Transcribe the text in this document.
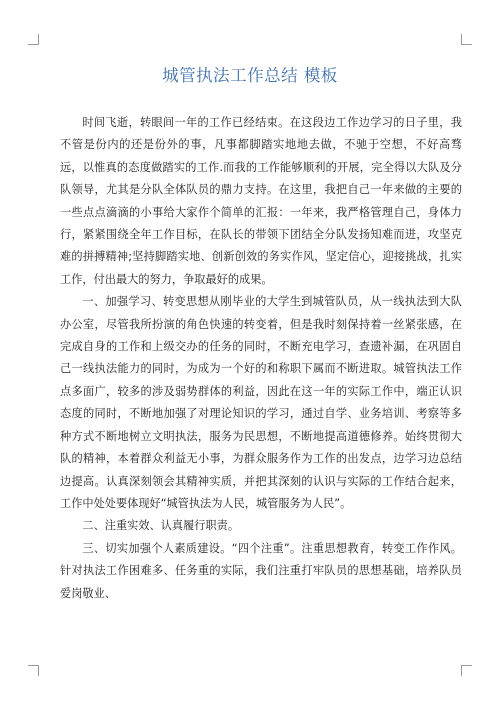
城管执法工作总结 模板

时间飞逝，转眼间一年的工作已经结束。在这段边工作边学习的日子里，我不管是份内的还是份外的事，凡事都脚踏实地地去做，不驰于空想，不好高骛远，以惟真的态度做踏实的工作.而我的工作能够顺利的开展，完全得以大队及分队领导，尤其是分队全体队员的鼎力支持。在这里，我把自己一年来做的主要的一些点点滴滴的小事给大家作个简单的汇报：一年来，我严格管理自己，身体力行，紧紧围绕全年工作目标，在队长的带领下团结全分队发扬知难而进，攻坚克难的拼搏精神;坚持脚踏实地、创新创效的务实作风，坚定信心，迎接挑战，扎实工作，付出最大的努力，争取最好的成果。

一、加强学习、转变思想从刚毕业的大学生到城管队员，从一线执法到大队办公室，尽管我所扮演的角色快速的转变着，但是我时刻保持着一丝紧张感，在完成自身的工作和上级交办的任务的同时，不断充电学习，查遗补漏，在巩固自己一线执法能力的同时，为成为一个好的和称职下属而不断进取。城管执法工作点多面广，较多的涉及弱势群体的利益，因此在这一年的实际工作中，端正认识态度的同时，不断地加强了对理论知识的学习，通过自学、业务培训、考察等多种方式不断地树立文明执法，服务为民思想，不断地提高道德修养。始终贯彻大队的精神，本着群众利益无小事，为群众服务作为工作的出发点，边学习边总结边提高。认真深刻领会其精神实质，并把其深刻的认识与实际的工作结合起来，工作中处处要体现好“城管执法为人民，城管服务为人民”。

二、注重实效、认真履行职责。

三、切实加强个人素质建设。“四个注重”。注重思想教育，转变工作作风。针对执法工作困难多、任务重的实际，我们注重打牢队员的思想基础，培养队员爱岗敬业、
